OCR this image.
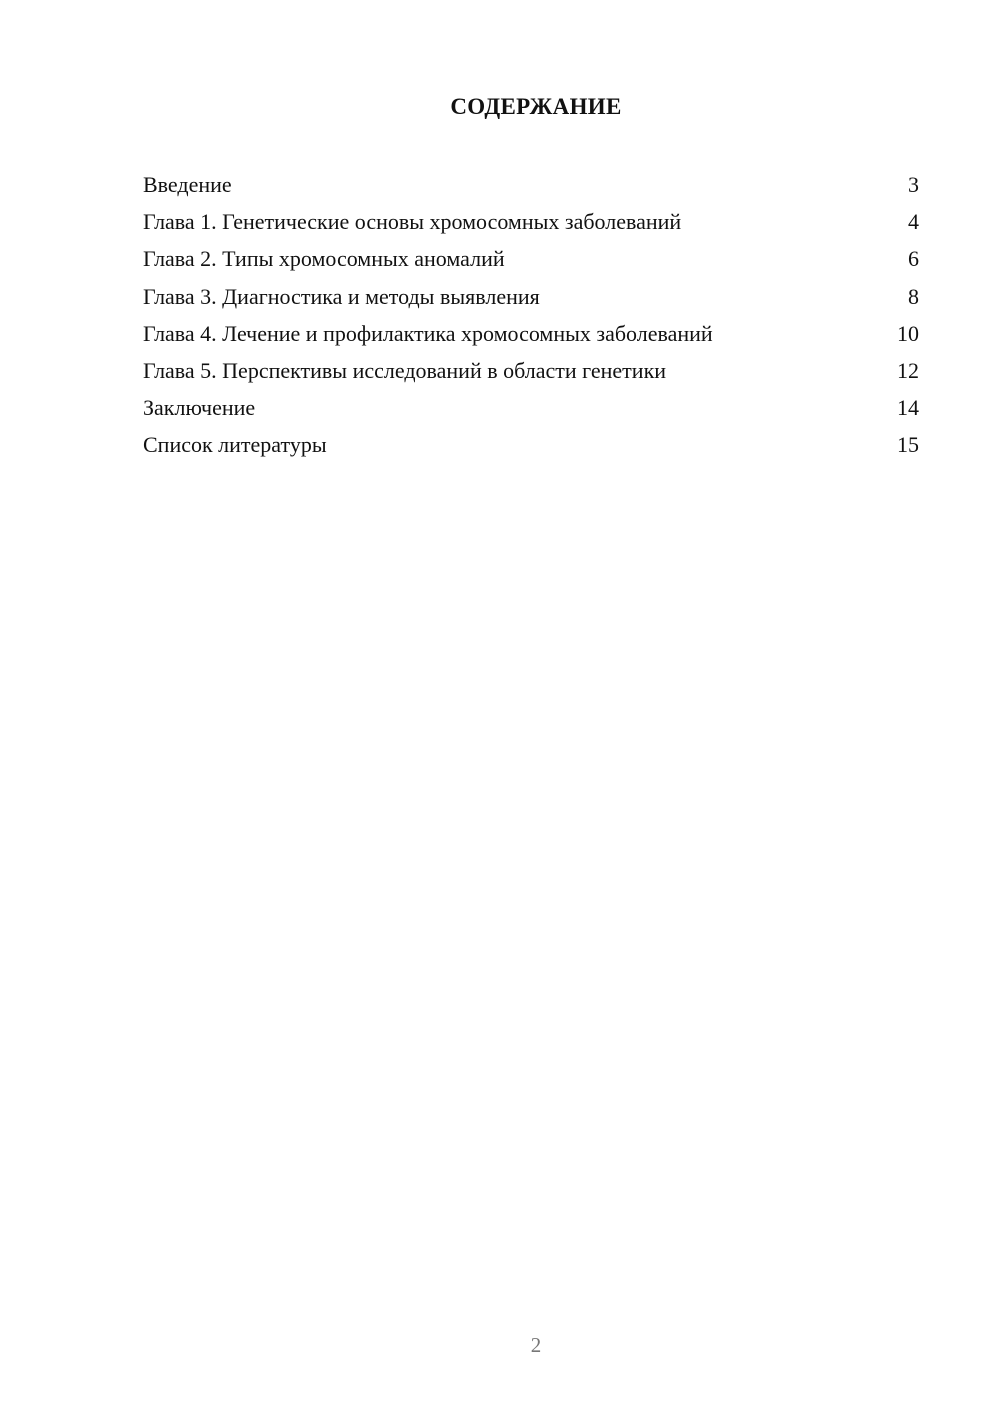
СОДЕРЖАНИЕ
Введение	3
Глава 1. Генетические основы хромосомных заболеваний	4
Глава 2. Типы хромосомных аномалий	6
Глава 3. Диагностика и методы выявления	8
Глава 4. Лечение и профилактика хромосомных заболеваний	10
Глава 5. Перспективы исследований в области генетики	12
Заключение	14
Список литературы	15
2
